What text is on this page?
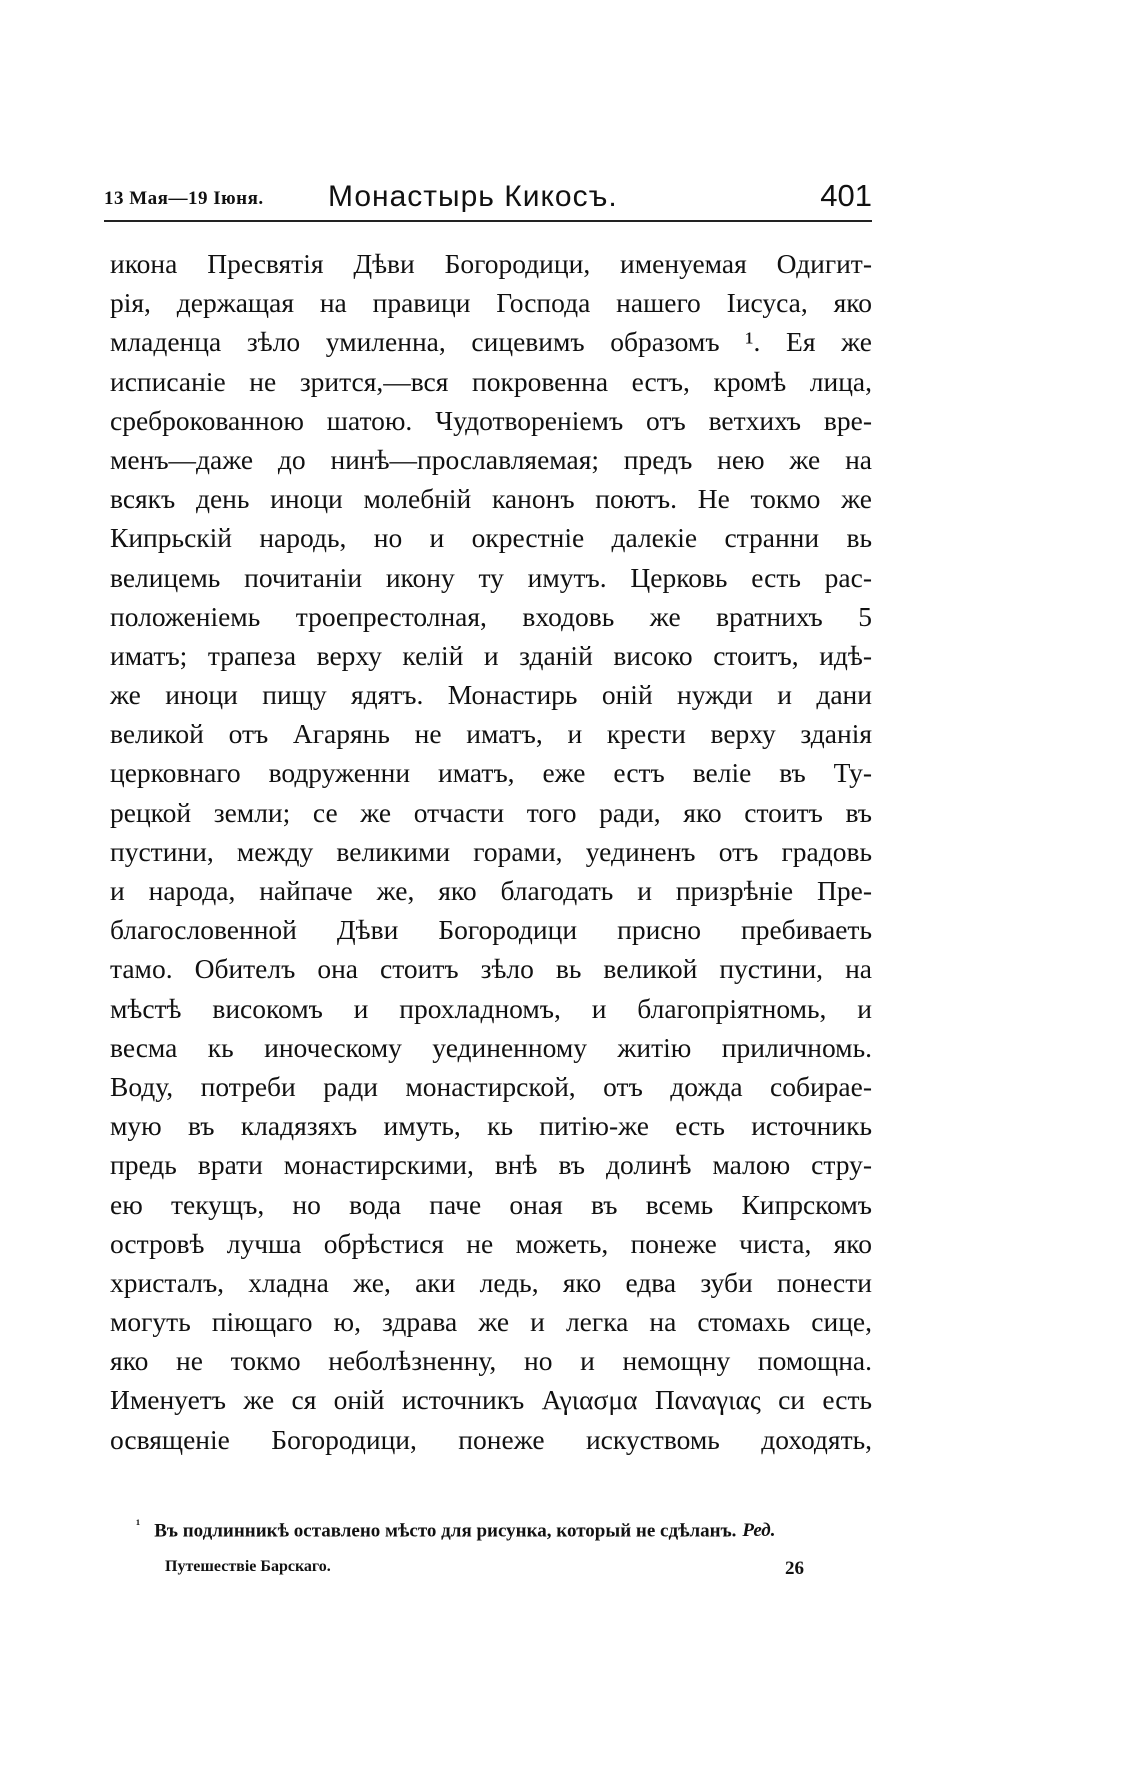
13 Мая—19 Іюня. Монастырь Кикосъ.	401
икона Пресвятія Дѣви Богородици, именуемая Одигит-
рія, держащая на правици Господа нашего Іисуса, яко
младенца зѣло умиленна, сицевимъ образомъ ¹. Ея же
исписаніе не зрится,—вся покровенна естъ, кромѣ лица,
среброкованною шатою. Чудотвореніемъ отъ ветхихъ вре-
менъ—даже до нинѣ—прославляемая; предъ нею же на
всякъ день иноци молебній канонъ поютъ. Не токмо же
Кипрьскій народь, но и окрестніе далекіе странни вь
велицемь почитанiи икону ту имутъ. Церковь есть рас-
положеніемь троепрестолная, входовь же вратнихъ 5
иматъ; трапеза верху келій и зданій високо стоитъ, идѣ-
же иноци пищу ядятъ. Монастирь оній нужди и дани
великой отъ Агарянь не иматъ, и крести верху зданія
церковнаго водруженни иматъ, еже естъ веліе въ Ту-
рецкой земли; се же отчасти того ради, яко стоитъ въ
пустини, между великими горами, уединенъ отъ градовь
и народа, найпаче же, яко благодать и призрѣніе Пре-
благословенной Дѣви Богородици присно пребиваеть
тамо. Обителъ она стоитъ зѣло вь великой пустини, на
мѣстѣ високомъ и прохладномъ, и благопріятномь, и
весма кь иноческому уединенному житію приличномь.
Воду, потреби ради монастирской, отъ дожда собирае-
мую въ кладязяхъ имуть, кь питію-же есть источникь
предь врати монастирскими, внѣ въ долинѣ малою стру-
ею текущъ, но вода паче оная въ всемь Кипрскомъ
островѣ лучша обрѣстися не можеть, понеже чиста, яко
христалъ, хладна же, аки ледь, яко едва зуби понести
могуть піющаго ю, здрава же и легка на стомахь сице,
яко не токмо неболѣзненну, но и немощну помощна.
Именуетъ же ся оній источникъ Αγιασμα Παναγιας си есть
освященіе Богородици, понеже искуствомь доходять,
$^{^1}$ Въ подлинникѣ оставлено мѣсто для рисунка, который не сдѣланъ. Ред.
Путешествіе Барскаго.	26
